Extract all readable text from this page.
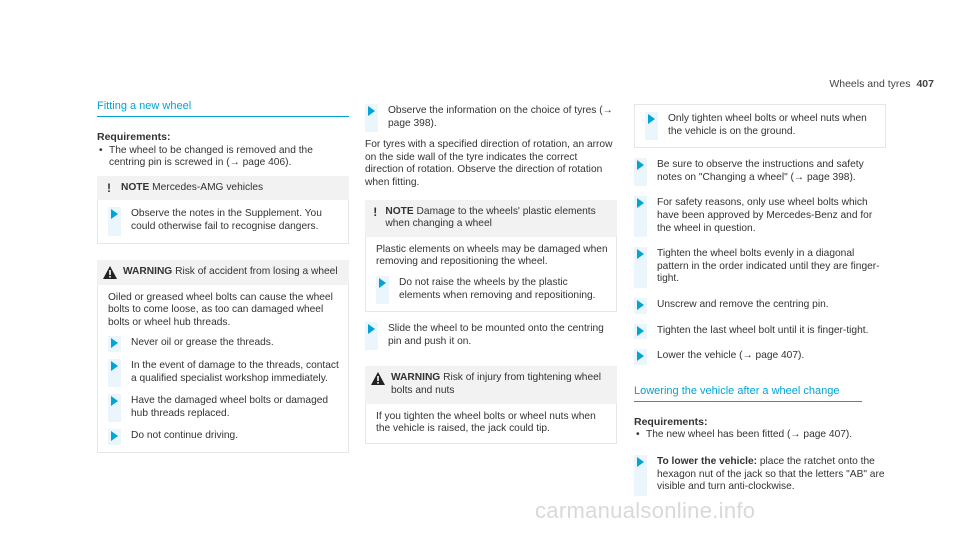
Wheels and tyres 407
Fitting a new wheel
Requirements:
• The wheel to be changed is removed and the centring pin is screwed in (→ page 406).
! NOTE Mercedes-AMG vehicles
Observe the notes in the Supplement. You could otherwise fail to recognise dangers.
WARNING Risk of accident from losing a wheel
Oiled or greased wheel bolts can cause the wheel bolts to come loose, as too can damaged wheel bolts or wheel hub threads.
Never oil or grease the threads.
In the event of damage to the threads, contact a qualified specialist workshop immediately.
Have the damaged wheel bolts or damaged hub threads replaced.
Do not continue driving.
Observe the information on the choice of tyres (→ page 398).
For tyres with a specified direction of rotation, an arrow on the side wall of the tyre indicates the correct direction of rotation. Observe the direction of rotation when fitting.
! NOTE Damage to the wheels' plastic elements when changing a wheel
Plastic elements on wheels may be damaged when removing and repositioning the wheel.
Do not raise the wheels by the plastic elements when removing and repositioning.
Slide the wheel to be mounted onto the centring pin and push it on.
WARNING Risk of injury from tightening wheel bolts and nuts
If you tighten the wheel bolts or wheel nuts when the vehicle is raised, the jack could tip.
Only tighten wheel bolts or wheel nuts when the vehicle is on the ground.
Be sure to observe the instructions and safety notes on "Changing a wheel" (→ page 398).
For safety reasons, only use wheel bolts which have been approved by Mercedes-Benz and for the wheel in question.
Tighten the wheel bolts evenly in a diagonal pattern in the order indicated until they are finger-tight.
Unscrew and remove the centring pin.
Tighten the last wheel bolt until it is finger-tight.
Lower the vehicle (→ page 407).
Lowering the vehicle after a wheel change
Requirements:
• The new wheel has been fitted (→ page 407).
To lower the vehicle: place the ratchet onto the hexagon nut of the jack so that the letters "AB" are visible and turn anti-clockwise.
carmanualsonline.info
